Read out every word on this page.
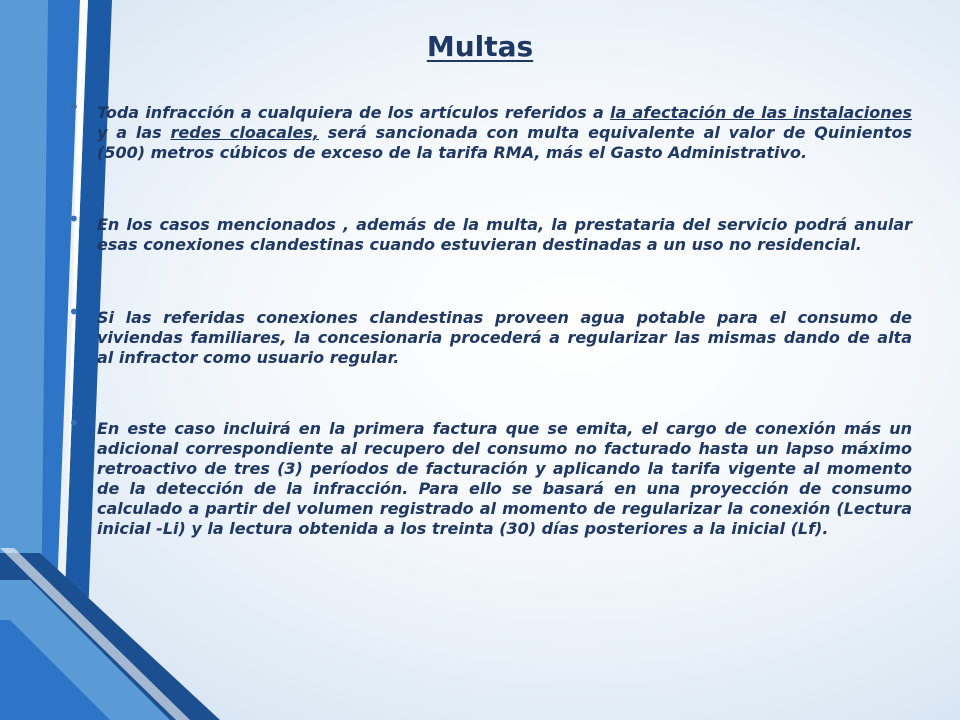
Multas
• Toda infracción a cualquiera de los artículos referidos a la afectación de las instalaciones y a las redes cloacales, será sancionada con multa equivalente al valor de Quinientos (500) metros cúbicos de exceso de la tarifa RMA, más el Gasto Administrativo.
• En los casos mencionados , además de la multa, la prestataria del servicio podrá anular esas conexiones clandestinas cuando estuvieran destinadas a un uso no residencial.
• Si las referidas conexiones clandestinas proveen agua potable para el consumo de viviendas familiares, la concesionaria procederá a regularizar las mismas dando de alta al infractor como usuario regular.
• En este caso incluirá en la primera factura que se emita, el cargo de conexión más un adicional correspondiente al recupero del consumo no facturado hasta un lapso máximo retroactivo de tres (3) períodos de facturación y aplicando la tarifa vigente al momento de la detección de la infracción. Para ello se basará en una proyección de consumo calculado a partir del volumen registrado al momento de regularizar la conexión (Lectura inicial -Li) y la lectura obtenida a los treinta (30) días posteriores a la inicial (Lf).
